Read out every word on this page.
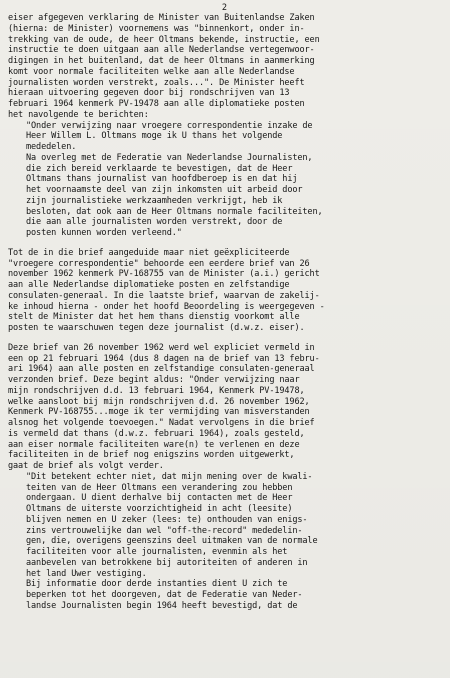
2
eiser afgegeven verklaring de Minister van Buitenlandse Zaken
(hierna: de Minister) voornemens was "binnenkort, onder in-
trekking van de oude, de heer Oltmans bekende, instructie, een
instructie te doen uitgaan aan alle Nederlandse vertegenwoor-
digingen in het buitenland, dat de heer Oltmans in aanmerking
komt voor normale faciliteiten welke aan alle Nederlandse
journalisten worden verstrekt, zoals...". De Minister heeft
hieraan uitvoering gegeven door bij rondschrijven van 13
februari 1964 kenmerk PV-19478 aan alle diplomatieke posten
het navolgende te berichten:
"Onder verwijzing naar vroegere correspondentie inzake de
Heer Willem L. Oltmans moge ik U thans het volgende
mededelen.
Na overleg met de Federatie van Nederlandse Journalisten,
die zich bereid verklaarde te bevestigen, dat de Heer
Oltmans thans journalist van hoofdberoep is en dat hij
het voornaamste deel van zijn inkomsten uit arbeid door
zijn journalistieke werkzaamheden verkrijgt, heb ik
besloten, dat ook aan de Heer Oltmans normale faciliteiten,
die aan alle journalisten worden verstrekt, door de
posten kunnen worden verleend."
Tot de in die brief aangeduide maar niet geëxpliciteerde
"vroegere correspondentie" behoorde een eerdere brief van 26
november 1962 kenmerk PV-168755 van de Minister (a.i.) gericht
aan alle Nederlandse diplomatieke posten en zelfstandige
consulaten-generaal. In die laatste brief, waarvan de zakelij-
ke inhoud hierna - onder het hoofd Beoordeling is weergegeven -
stelt de Minister dat het hem thans dienstig voorkomt alle
posten te waarschuwen tegen deze journalist (d.w.z. eiser).
Deze brief van 26 november 1962 werd wel expliciet vermeld in
een op 21 februari 1964 (dus 8 dagen na de brief van 13 febru-
ari 1964) aan alle posten en zelfstandige consulaten-generaal
verzonden brief. Deze begint aldus: "Onder verwijzing naar
mijn rondschrijven d.d. 13 februari 1964, Kenmerk PV-19478,
welke aansloot bij mijn rondschrijven d.d. 26 november 1962,
Kenmerk PV-168755...moge ik ter vermijding van misverstanden
alsnog het volgende toevoegen." Nadat vervolgens in die brief
is vermeld dat thans (d.w.z. februari 1964), zoals gesteld,
aan eiser normale faciliteiten ware(n) te verlenen en deze
faciliteiten in de brief nog enigszins worden uitgewerkt,
gaat de brief als volgt verder.
"Dit betekent echter niet, dat mijn mening over de kwali-
teiten van de Heer Oltmans een verandering zou hebben
ondergaan. U dient derhalve bij contacten met de Heer
Oltmans de uiterste voorzichtigheid in acht (leesite)
blijven nemen en U zeker (lees: te) onthouden van enigs-
zins vertrouwelijke dan wel "off-the-record" mededelin-
gen, die, overigens geenszins deel uitmaken van de normale
faciliteiten voor alle journalisten, evenmin als het
aanbevelen van betrokkene bij autoriteiten of anderen in
het land Uwer vestiging.
Bij informatie door derde instanties dient U zich te
beperken tot het doorgeven, dat de Federatie van Neder-
landse Journalisten begin 1964 heeft bevestigd, dat de
